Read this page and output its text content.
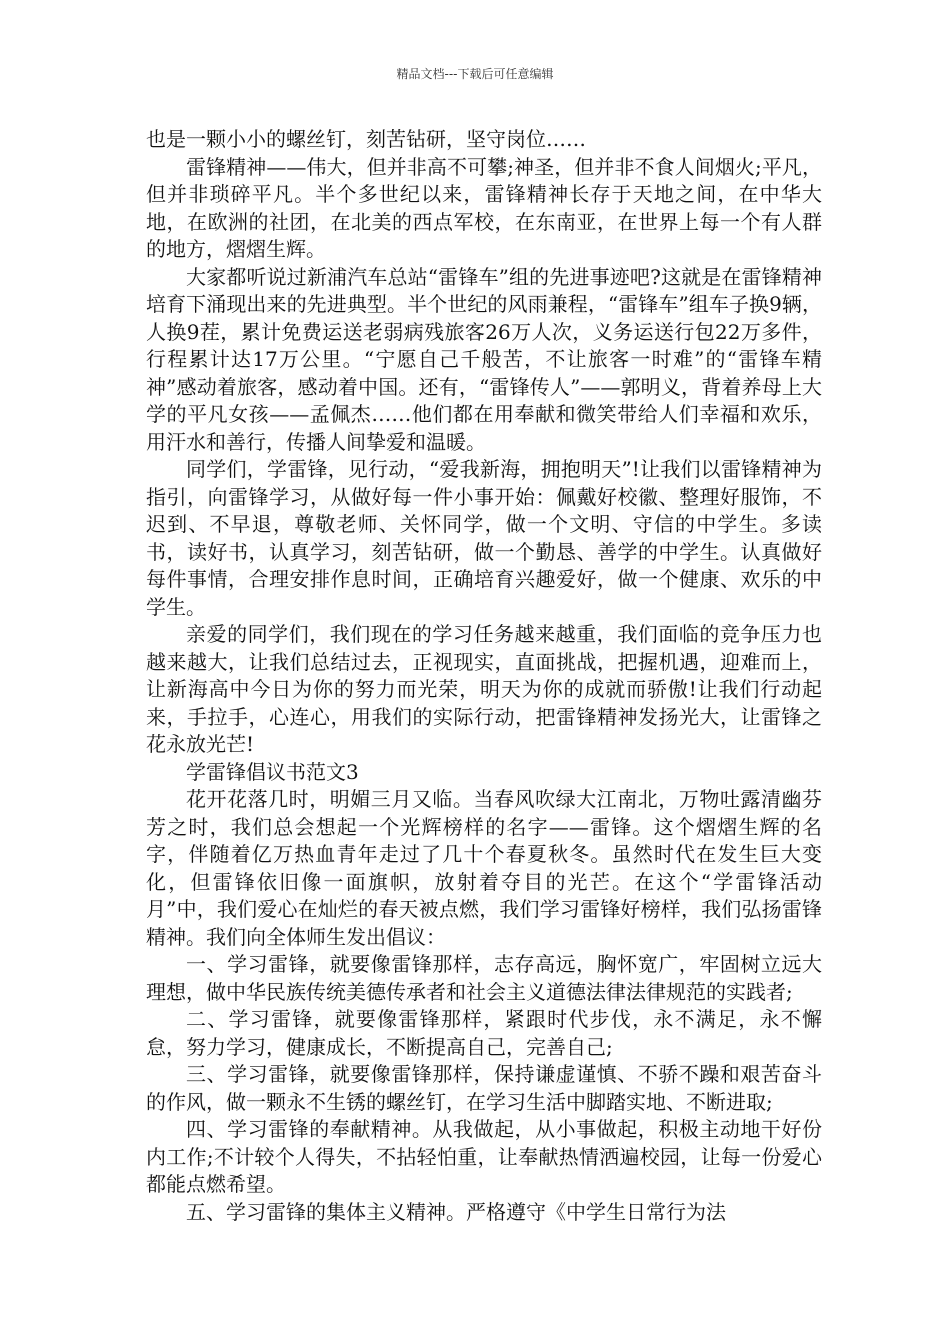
精品文档---下载后可任意编辑

也是一颗小小的螺丝钉，刻苦钻研，坚守岗位……

雷锋精神——伟大，但并非高不可攀;神圣，但并非不食人间烟火;平凡，但并非琐碎平凡。半个多世纪以来，雷锋精神长存于天地之间，在中华大地，在欧洲的社团，在北美的西点军校，在东南亚，在世界上每一个有人群的地方，熠熠生辉。

大家都听说过新浦汽车总站“雷锋车”组的先进事迹吧?这就是在雷锋精神培育下涌现出来的先进典型。半个世纪的风雨兼程，“雷锋车”组车子换9辆，人换9茬，累计免费运送老弱病残旅客26万人次，义务运送行包22万多件，行程累计达17万公里。“宁愿自己千般苦，不让旅客一时难”的“雷锋车精神”感动着旅客，感动着中国。还有，“雷锋传人”——郭明义，背着养母上大学的平凡女孩——孟佩杰……他们都在用奉献和微笑带给人们幸福和欢乐，用汗水和善行，传播人间挚爱和温暖。

同学们，学雷锋，见行动，“爱我新海，拥抱明天”!让我们以雷锋精神为指引，向雷锋学习，从做好每一件小事开始：佩戴好校徽、整理好服饰，不迟到、不早退，尊敬老师、关怀同学，做一个文明、守信的中学生。多读书，读好书，认真学习，刻苦钻研，做一个勤恳、善学的中学生。认真做好每件事情，合理安排作息时间，正确培育兴趣爱好，做一个健康、欢乐的中学生。

亲爱的同学们，我们现在的学习任务越来越重，我们面临的竞争压力也越来越大，让我们总结过去，正视现实，直面挑战，把握机遇，迎难而上，让新海高中今日为你的努力而光荣，明天为你的成就而骄傲!让我们行动起来，手拉手，心连心，用我们的实际行动，把雷锋精神发扬光大，让雷锋之花永放光芒!

学雷锋倡议书范文3

花开花落几时，明媚三月又临。当春风吹绿大江南北，万物吐露清幽芬芳之时，我们总会想起一个光辉榜样的名字——雷锋。这个熠熠生辉的名字，伴随着亿万热血青年走过了几十个春夏秋冬。虽然时代在发生巨大变化，但雷锋依旧像一面旗帜，放射着夺目的光芒。在这个“学雷锋活动月”中，我们爱心在灿烂的春天被点燃，我们学习雷锋好榜样，我们弘扬雷锋精神。我们向全体师生发出倡议：

一、学习雷锋，就要像雷锋那样，志存高远，胸怀宽广，牢固树立远大理想，做中华民族传统美德传承者和社会主义道德法律法律规范的实践者;

二、学习雷锋，就要像雷锋那样，紧跟时代步伐，永不满足，永不懈怠，努力学习，健康成长，不断提高自己，完善自己;

三、学习雷锋，就要像雷锋那样，保持谦虚谨慎、不骄不躁和艰苦奋斗的作风，做一颗永不生锈的螺丝钉，在学习生活中脚踏实地、不断进取;

四、学习雷锋的奉献精神。从我做起，从小事做起，积极主动地干好份内工作;不计较个人得失，不拈轻怕重，让奉献热情洒遍校园，让每一份爱心都能点燃希望。

五、学习雷锋的集体主义精神。严格遵守《中学生日常行为法
